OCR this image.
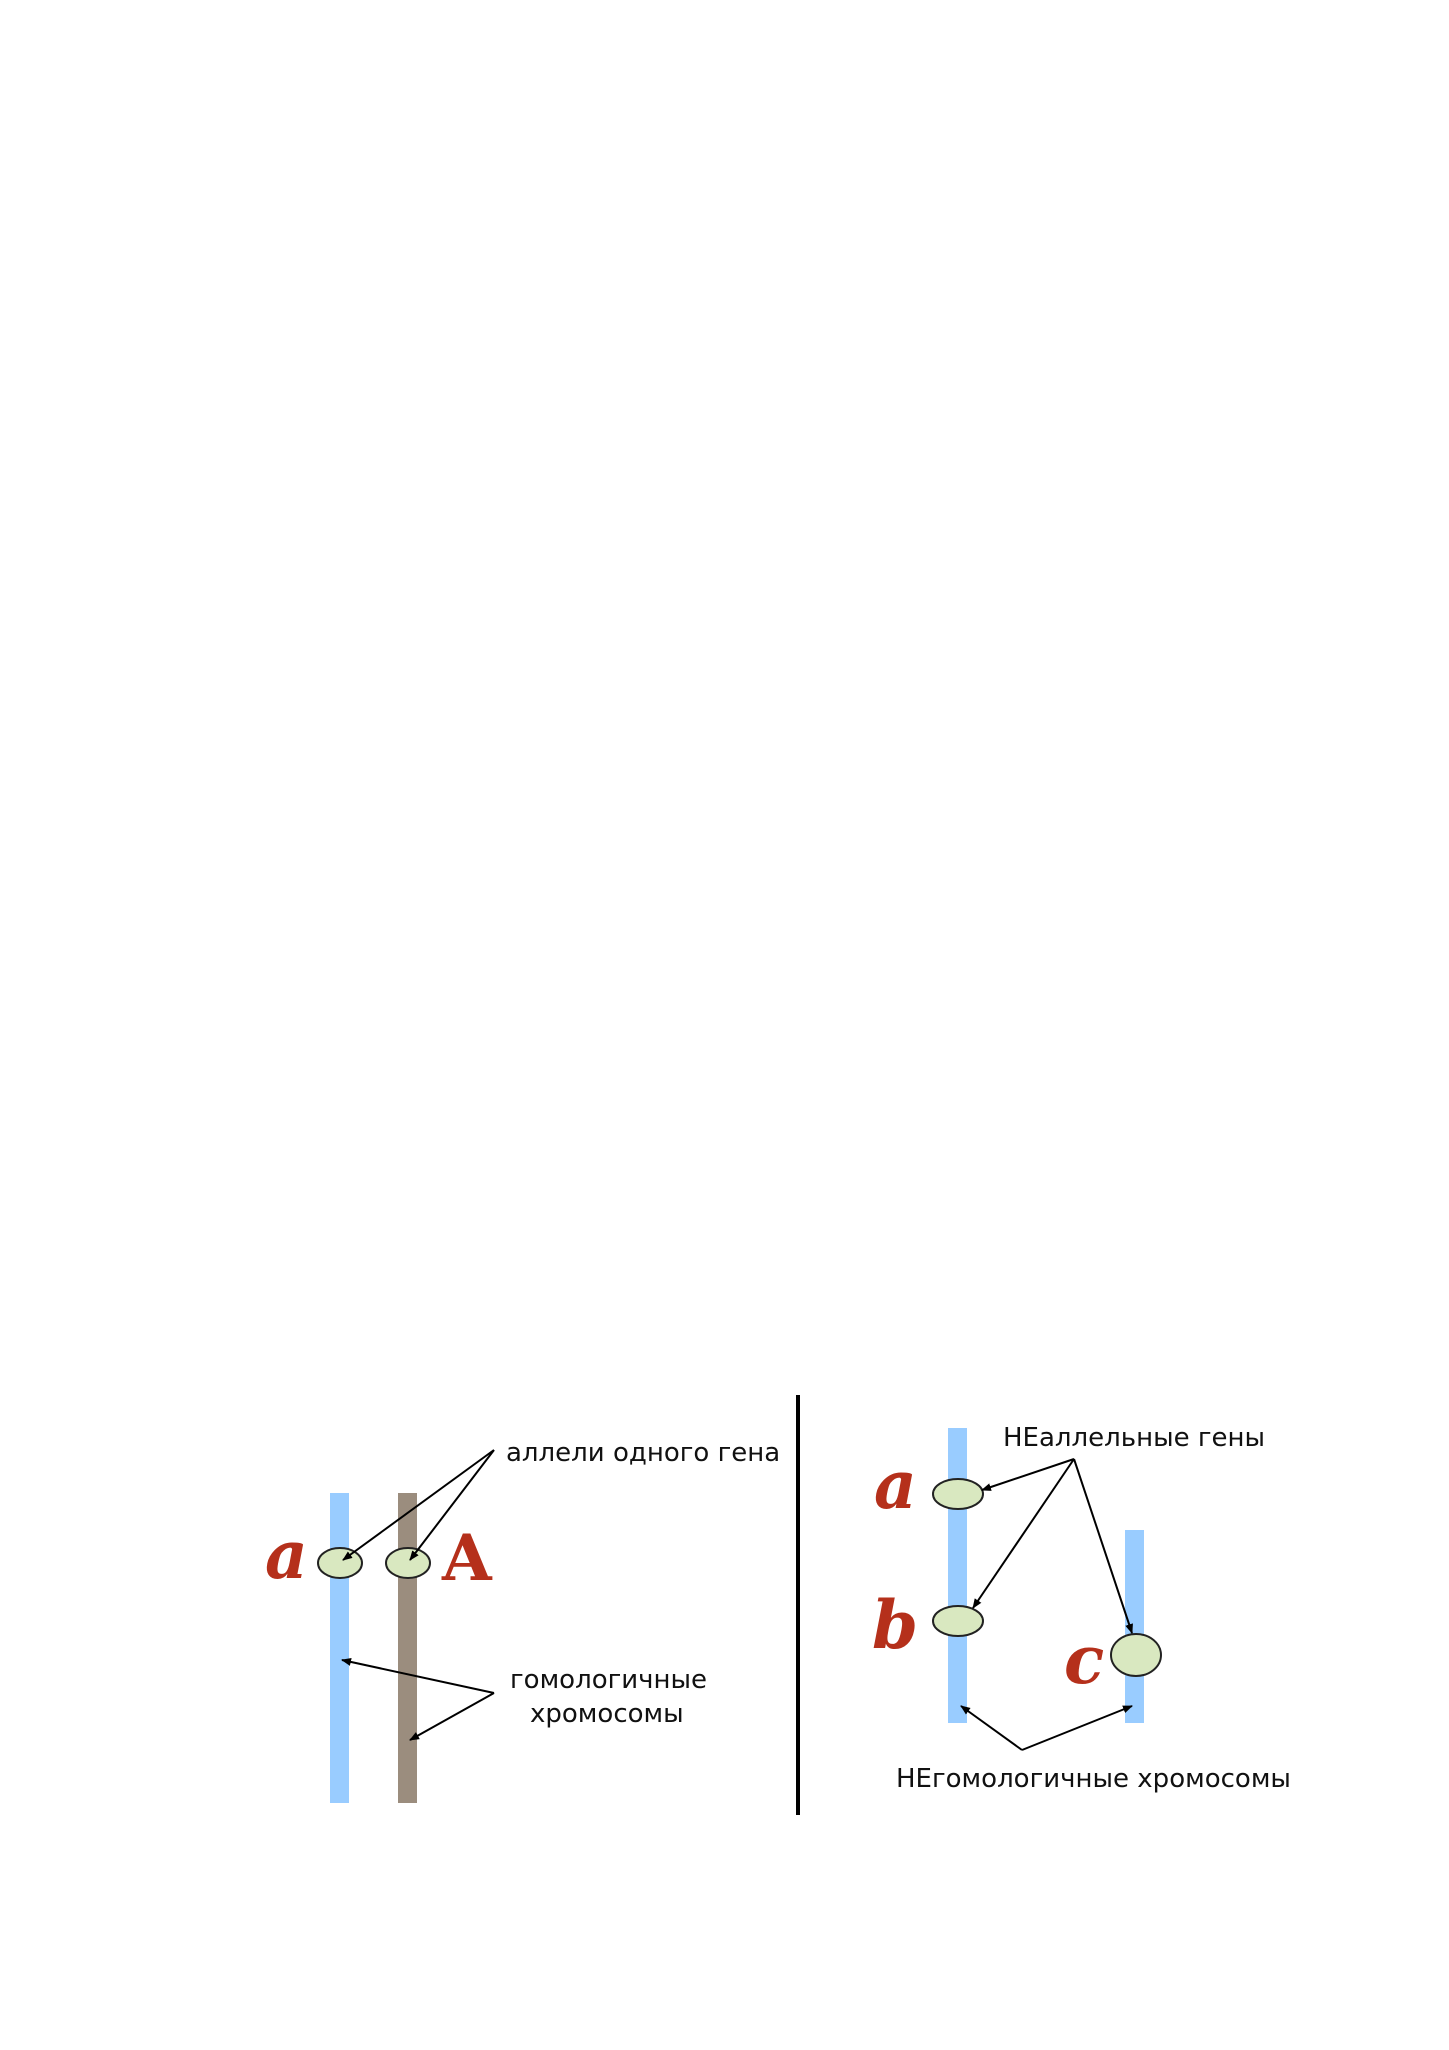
a A
аллели одного гена
гомологичные
хромосомы
a
b c
НЕаллельные гены
НЕгомологичные хромосомы
